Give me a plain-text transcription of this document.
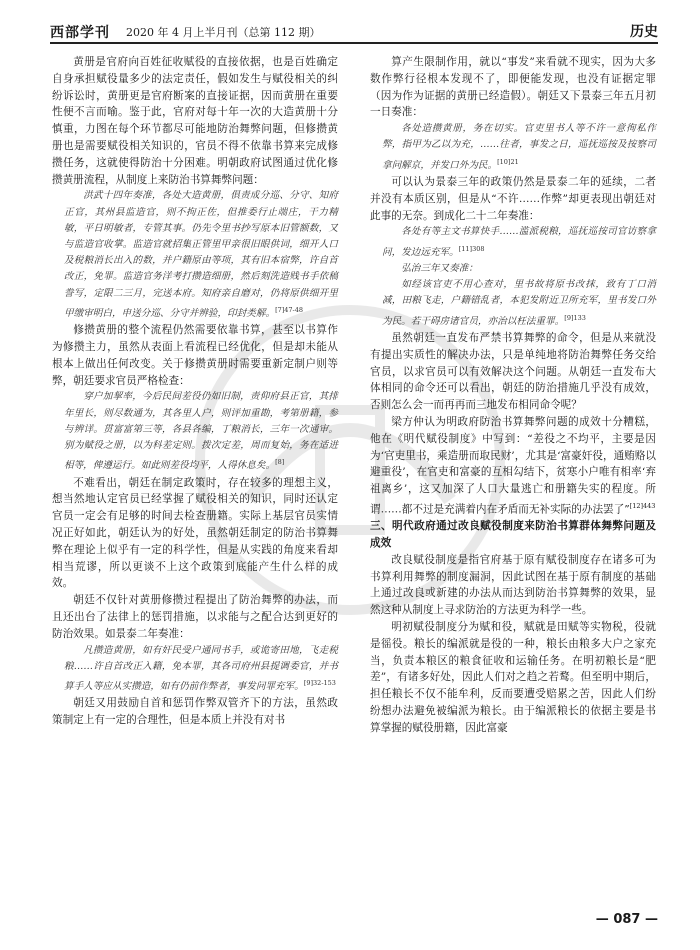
西部学刊 2020 年 4 月上半月刊（总第 112 期）	历史

黄册是官府向百姓征收赋役的直接依据，也是百姓确定自身承担赋役量多少的法定责任，假如发生与赋役相关的纠纷诉讼时，黄册更是官府断案的直接证据，因而黄册在重要性便不言而喻。鉴于此，官府对每十年一次的大造黄册十分慎重，力图在每个环节都尽可能地防治舞弊问题，但修攒黄册也是需要赋役相关知识的，官员不得不依靠书算来完成修攒任务，这就使得防治十分困难。明朝政府试图通过优化修攒黄册流程，从制度上来防治书算舞弊问题：

洪武十四年奏准，各处大造黄册，俱责成分巡、分守、知府正官，其州县监造官，则不拘正佐，但推委行止端庄，干力精敏，平日明敏者，专管其事。仍先令里书抄写原本旧管额数，又与监造官收掌。监造官就招集正管里甲亲很旧眼供词，细开人口及税粮消长出入的数，并户籍原由等项，其有旧本宿弊，许自首改正，免罪。监造官务洋考打攒造细册，然后刻洗造贱书手依稿誊写，定限二三月，完送本府。知府亲自磨对，仍将原供细开里甲缴审明白，申送分巡、分守并辨验，印封类解。$^{[7]47-48}$

修攒黄册的整个流程仍然需要依靠书算，甚至以书算作为修攒主力，虽然从表面上看流程已经优化，但是却未能从根本上做出任何改变。关于修攒黄册时需要重新定制户则等弊，朝廷要求官员严格检查：

穿户加挈率，今后民间差役仍如旧制，责仰府县正官，其排年里长，则尽数通为，其各里人户，则评加重勘，考第册籍，参与辨详。贯富富第三等，各县各编，丁粮消长，三年一次通审。别为赋役之册，以为科差定则。拨次定差，周而复始，务在适进相等，俾遵运行。如此则差役均平，人得休息矣。[8]

不难看出，朝廷在制定政策时，存在较多的理想主义，想当然地认定官员已经掌握了赋役相关的知识，同时还认定官员一定会有足够的时间去检查册籍。实际上基层官员实情况正好如此，朝廷认为的好处，虽然朝廷制定的防治书算舞弊在理论上似乎有一定的科学性，但是从实践的角度来看却相当荒谬，所以更谈不上这个政策到底能产生什么样的成效。

朝廷不仅针对黄册修攒过程提出了防治舞弊的办法，而且还出台了法律上的惩罚措施，以求能与之配合达到更好的防治效果。如景泰二年奏准：

凡攒造黄册，如有奸民受户通同书手，或诡寄田地，飞走税粮……许自首改正入籍，免本罪，其各司府州县提调委官，并书算手人等应从实攒造，如有仍前作弊者，事发问罪充军。$^{[9]32-153}$

朝廷又用鼓励自首和惩罚作弊双管齐下的方法，虽然政策制定上有一定的合理性，但是本质上并没有对书

算产生限制作用，就以“事发”来看就不现实，因为大多数作弊行径根本发现不了，即便能发现，也没有证据定罪（因为作为证据的黄册已经造假）。朝廷又下景泰三年五月初一日奏准：

各处造攒黄册，务在切实。官吏里书人等不许一意徇私作弊，指甲为乙以为充，……往者，事发之日，巡抚巡按及按察司拿问解京，并发口外为民。$^{[10]21}$

可以认为景泰三年的政策仍然是景泰二年的延续，二者并没有本质区别，但是从“不许……作弊”却更表现出朝廷对此事的无奈。到成化二十二年奏准：

各处有等主文书算快手……滥派税粮，巡抚巡按司官访察拿问，发边远充军。$^{[11]308}$

弘治三年又奏准：

如经该官吏不用心查对，里书故将原书改抹，致有丁口消减，田粮飞走，户籍错乱者，本犯发附近卫所充军，里书发口外为民。若干碍房诸官员，亦治以枉法重罪。$^{[9]133}$

虽然朝廷一直发布严禁书算舞弊的命令，但是从来就没有提出实质性的解决办法，只是单纯地将防治舞弊任务交给官员，以求官员可以有效解决这个问题。从朝廷一直发布大体相同的命令还可以看出，朝廷的防治措施几乎没有成效，否则怎么会一而再再而三地发布相同命令呢？

梁方仲认为明政府防治书算舞弊问题的成效十分糟糕，他在《明代赋役制度》中写到：“差役之不均平，主要是因为‘官吏里书，乘造册而取民财’，尤其是‘富豪奸役，通贿赂以避重役’，在官吏和富豪的互相勾结下，贫寒小户唯有相率‘弃祖离乡’，这又加深了人口大量逃亡和册籍失实的程度。所谓……都不过是充满着内在矛盾而无补实际的办法罢了”$^{[12]443}$

三、明代政府通过改良赋役制度来防治书算群体舞弊问题及成效

改良赋役制度是指官府基于原有赋役制度存在诸多可为书算利用舞弊的制度漏洞，因此试图在基于原有制度的基础上通过改良或新建的办法从而达到防治书算舞弊的效果，显然这种从制度上寻求防治的方法更为科学一些。

明初赋役制度分为赋和役，赋就是田赋等实物税，役就是徭役。粮长的编派就是役的一种，粮长由粮多大户之家充当，负责本粮区的粮食征收和运输任务。在明初粮长是“肥差”，有诸多好处，因此人们对之趋之若鹜。但至明中期后，担任粮长不仅不能牟利，反而要遭受赔累之苦，因此人们纷纷想办法避免被编派为粮长。由于编派粮长的依据主要是书算掌握的赋役册籍，因此富豪

— 087 —
